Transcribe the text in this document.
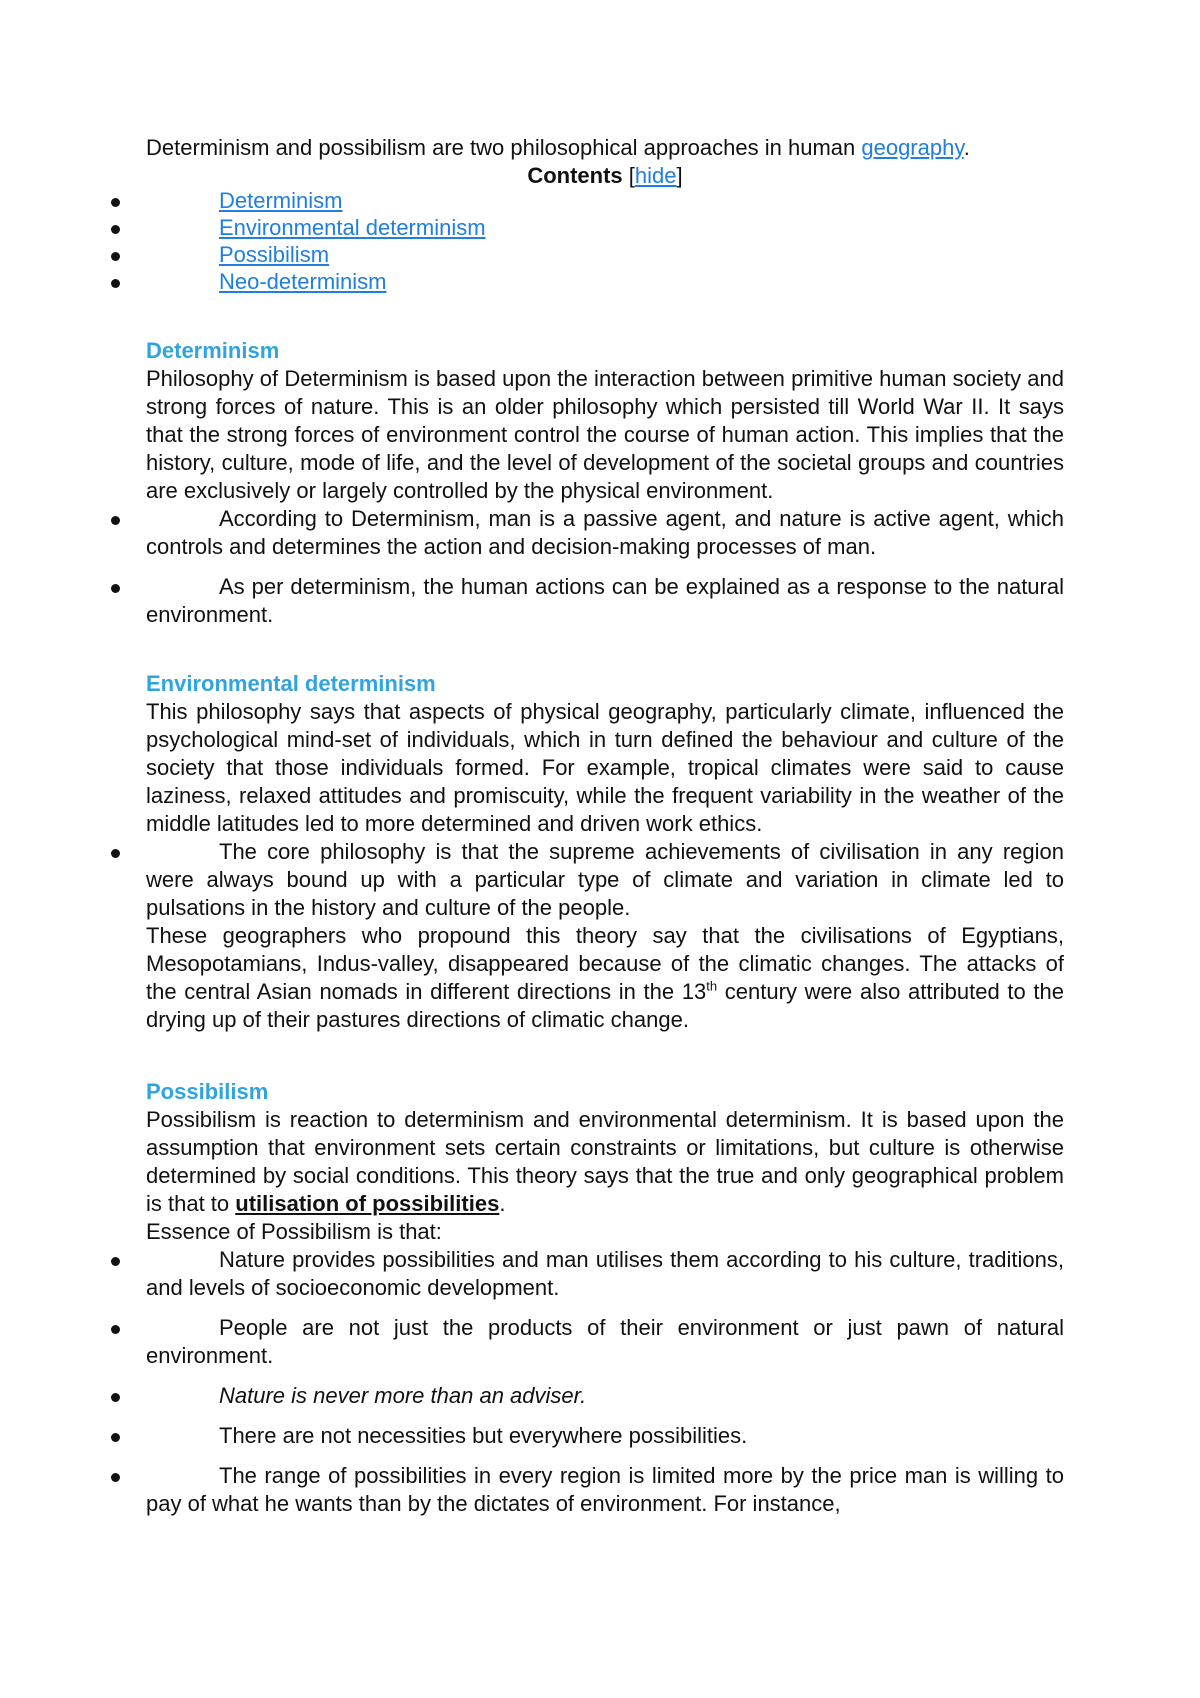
Determinism and possibilism are two philosophical approaches in human geography.

Contents [hide]

Determinism
Environmental determinism
Possibilism
Neo-determinism
Determinism

Philosophy of Determinism is based upon the interaction between primitive human society and strong forces of nature. This is an older philosophy which persisted till World War II. It says that the strong forces of environment control the course of human action. This implies that the history, culture, mode of life, and the level of development of the societal groups and countries are exclusively or largely controlled by the physical environment.

According to Determinism, man is a passive agent, and nature is active agent, which controls and determines the action and decision-making processes of man.

As per determinism, the human actions can be explained as a response to the natural environment.

Environmental determinism

This philosophy says that aspects of physical geography, particularly climate, influenced the psychological mind-set of individuals, which in turn defined the behaviour and culture of the society that those individuals formed. For example, tropical climates were said to cause laziness, relaxed attitudes and promiscuity, while the frequent variability in the weather of the middle latitudes led to more determined and driven work ethics.

The core philosophy is that the supreme achievements of civilisation in any region were always bound up with a particular type of climate and variation in climate led to pulsations in the history and culture of the people.

These geographers who propound this theory say that the civilisations of Egyptians, Mesopotamians, Indus-valley, disappeared because of the climatic changes. The attacks of the central Asian nomads in different directions in the 13th century were also attributed to the drying up of their pastures directions of climatic change.

Possibilism

Possibilism is reaction to determinism and environmental determinism. It is based upon the assumption that environment sets certain constraints or limitations, but culture is otherwise determined by social conditions. This theory says that the true and only geographical problem is that to utilisation of possibilities.

Essence of Possibilism is that:

Nature provides possibilities and man utilises them according to his culture, traditions, and levels of socioeconomic development.

People are not just the products of their environment or just pawn of natural environment.

Nature is never more than an adviser.

There are not necessities but everywhere possibilities.

The range of possibilities in every region is limited more by the price man is willing to pay of what he wants than by the dictates of environment. For instance,
